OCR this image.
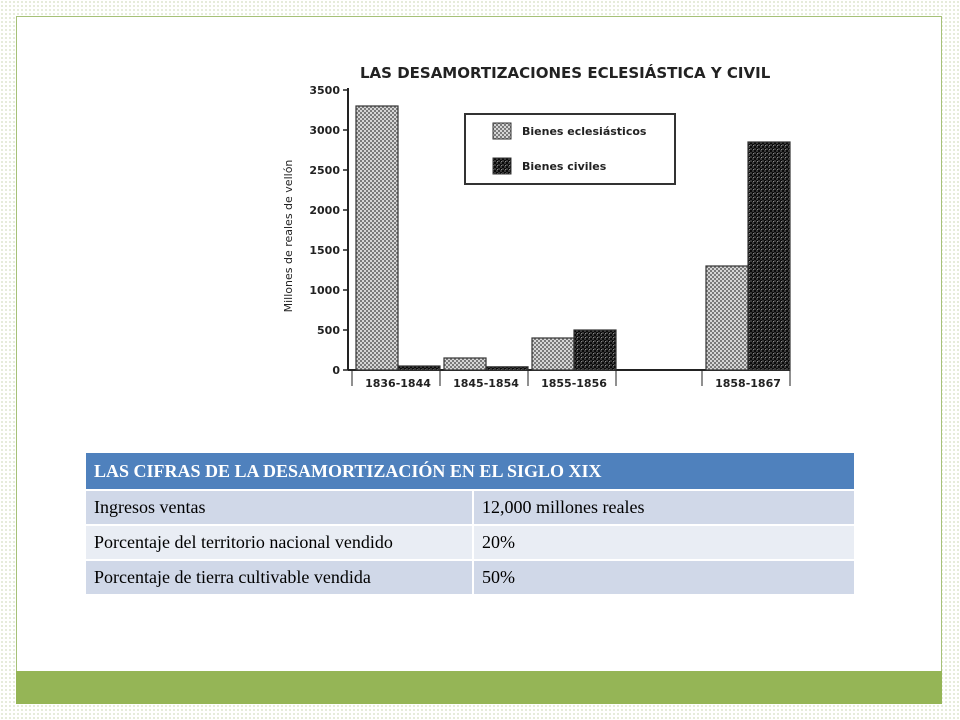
LAS DESAMORTIZACIONES ECLESIÁSTICA Y CIVIL
Millones de reales de vellón
0
500
1000
1500
2000
2500
3000
3500
1836-1844 1845-1854 1855-1856	1858-1867
Bienes eclesiásticos
Bienes civiles
LAS CIFRAS DE LA DESAMORTIZACIÓN EN EL SIGLO XIX	
Ingresos ventas	12,000 millones reales
Porcentaje del territorio nacional vendido	20%
Porcentaje de tierra cultivable vendida	50%
